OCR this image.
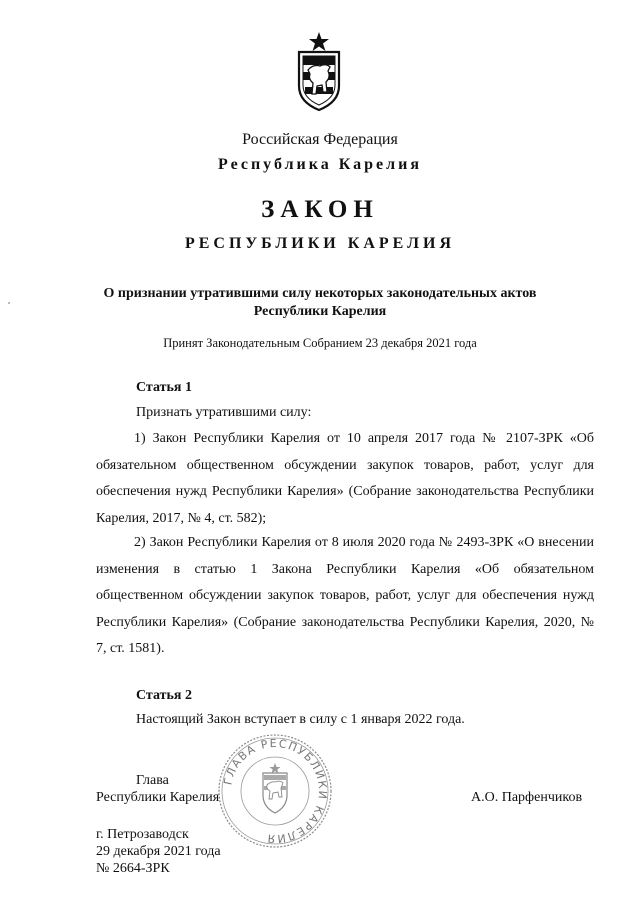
Российская Федерация
Республика Карелия
ЗАКОН
РЕСПУБЛИКИ КАРЕЛИЯ
О признании утратившими силу некоторых законодательных актов
Республики Карелия
Принят Законодательным Собранием 23 декабря 2021 года
Статья 1
Признать утратившими силу:
1) Закон Республики Карелия от 10 апреля 2017 года № 2107-ЗРК «Об обязательном общественном обсуждении закупок товаров, работ, услуг для обеспечения нужд Республики Карелия» (Собрание законодательства Республики Карелия, 2017, № 4, ст. 582);
2) Закон Республики Карелия от 8 июля 2020 года № 2493-ЗРК «О внесении изменения в статью 1 Закона Республики Карелия «Об обязательном общественном обсуждении закупок товаров, работ, услуг для обеспечения нужд Республики Карелия» (Собрание законодательства Республики Карелия, 2020, № 7, ст. 1581).
Статья 2
Настоящий Закон вступает в силу с 1 января 2022 года.
Глава
Республики Карелия	А.О. Парфенчиков
ГЛАВА РЕСПУБЛИКИ КАРЕЛИЯ
г. Петрозаводск
29 декабря 2021 года
№ 2664-ЗРК
